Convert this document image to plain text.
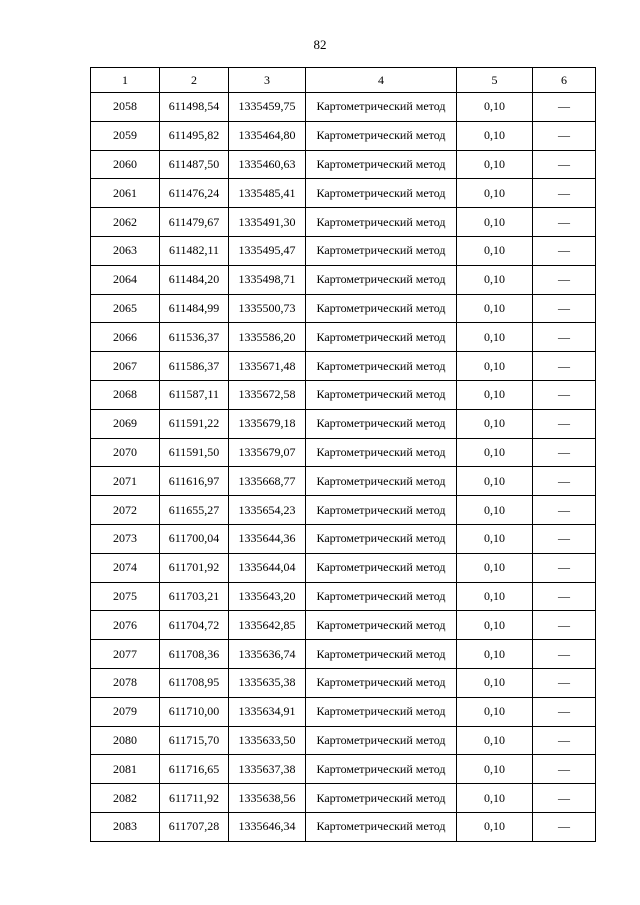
82
1	2	3	4	5	6
2058	611498,54	1335459,75	Картометрический метод	0,10	—
2059	611495,82	1335464,80	Картометрический метод	0,10	—
2060	611487,50	1335460,63	Картометрический метод	0,10	—
2061	611476,24	1335485,41	Картометрический метод	0,10	—
2062	611479,67	1335491,30	Картометрический метод	0,10	—
2063	611482,11	1335495,47	Картометрический метод	0,10	—
2064	611484,20	1335498,71	Картометрический метод	0,10	—
2065	611484,99	1335500,73	Картометрический метод	0,10	—
2066	611536,37	1335586,20	Картометрический метод	0,10	—
2067	611586,37	1335671,48	Картометрический метод	0,10	—
2068	611587,11	1335672,58	Картометрический метод	0,10	—
2069	611591,22	1335679,18	Картометрический метод	0,10	—
2070	611591,50	1335679,07	Картометрический метод	0,10	—
2071	611616,97	1335668,77	Картометрический метод	0,10	—
2072	611655,27	1335654,23	Картометрический метод	0,10	—
2073	611700,04	1335644,36	Картометрический метод	0,10	—
2074	611701,92	1335644,04	Картометрический метод	0,10	—
2075	611703,21	1335643,20	Картометрический метод	0,10	—
2076	611704,72	1335642,85	Картометрический метод	0,10	—
2077	611708,36	1335636,74	Картометрический метод	0,10	—
2078	611708,95	1335635,38	Картометрический метод	0,10	—
2079	611710,00	1335634,91	Картометрический метод	0,10	—
2080	611715,70	1335633,50	Картометрический метод	0,10	—
2081	611716,65	1335637,38	Картометрический метод	0,10	—
2082	611711,92	1335638,56	Картометрический метод	0,10	—
2083	611707,28	1335646,34	Картометрический метод	0,10	—
